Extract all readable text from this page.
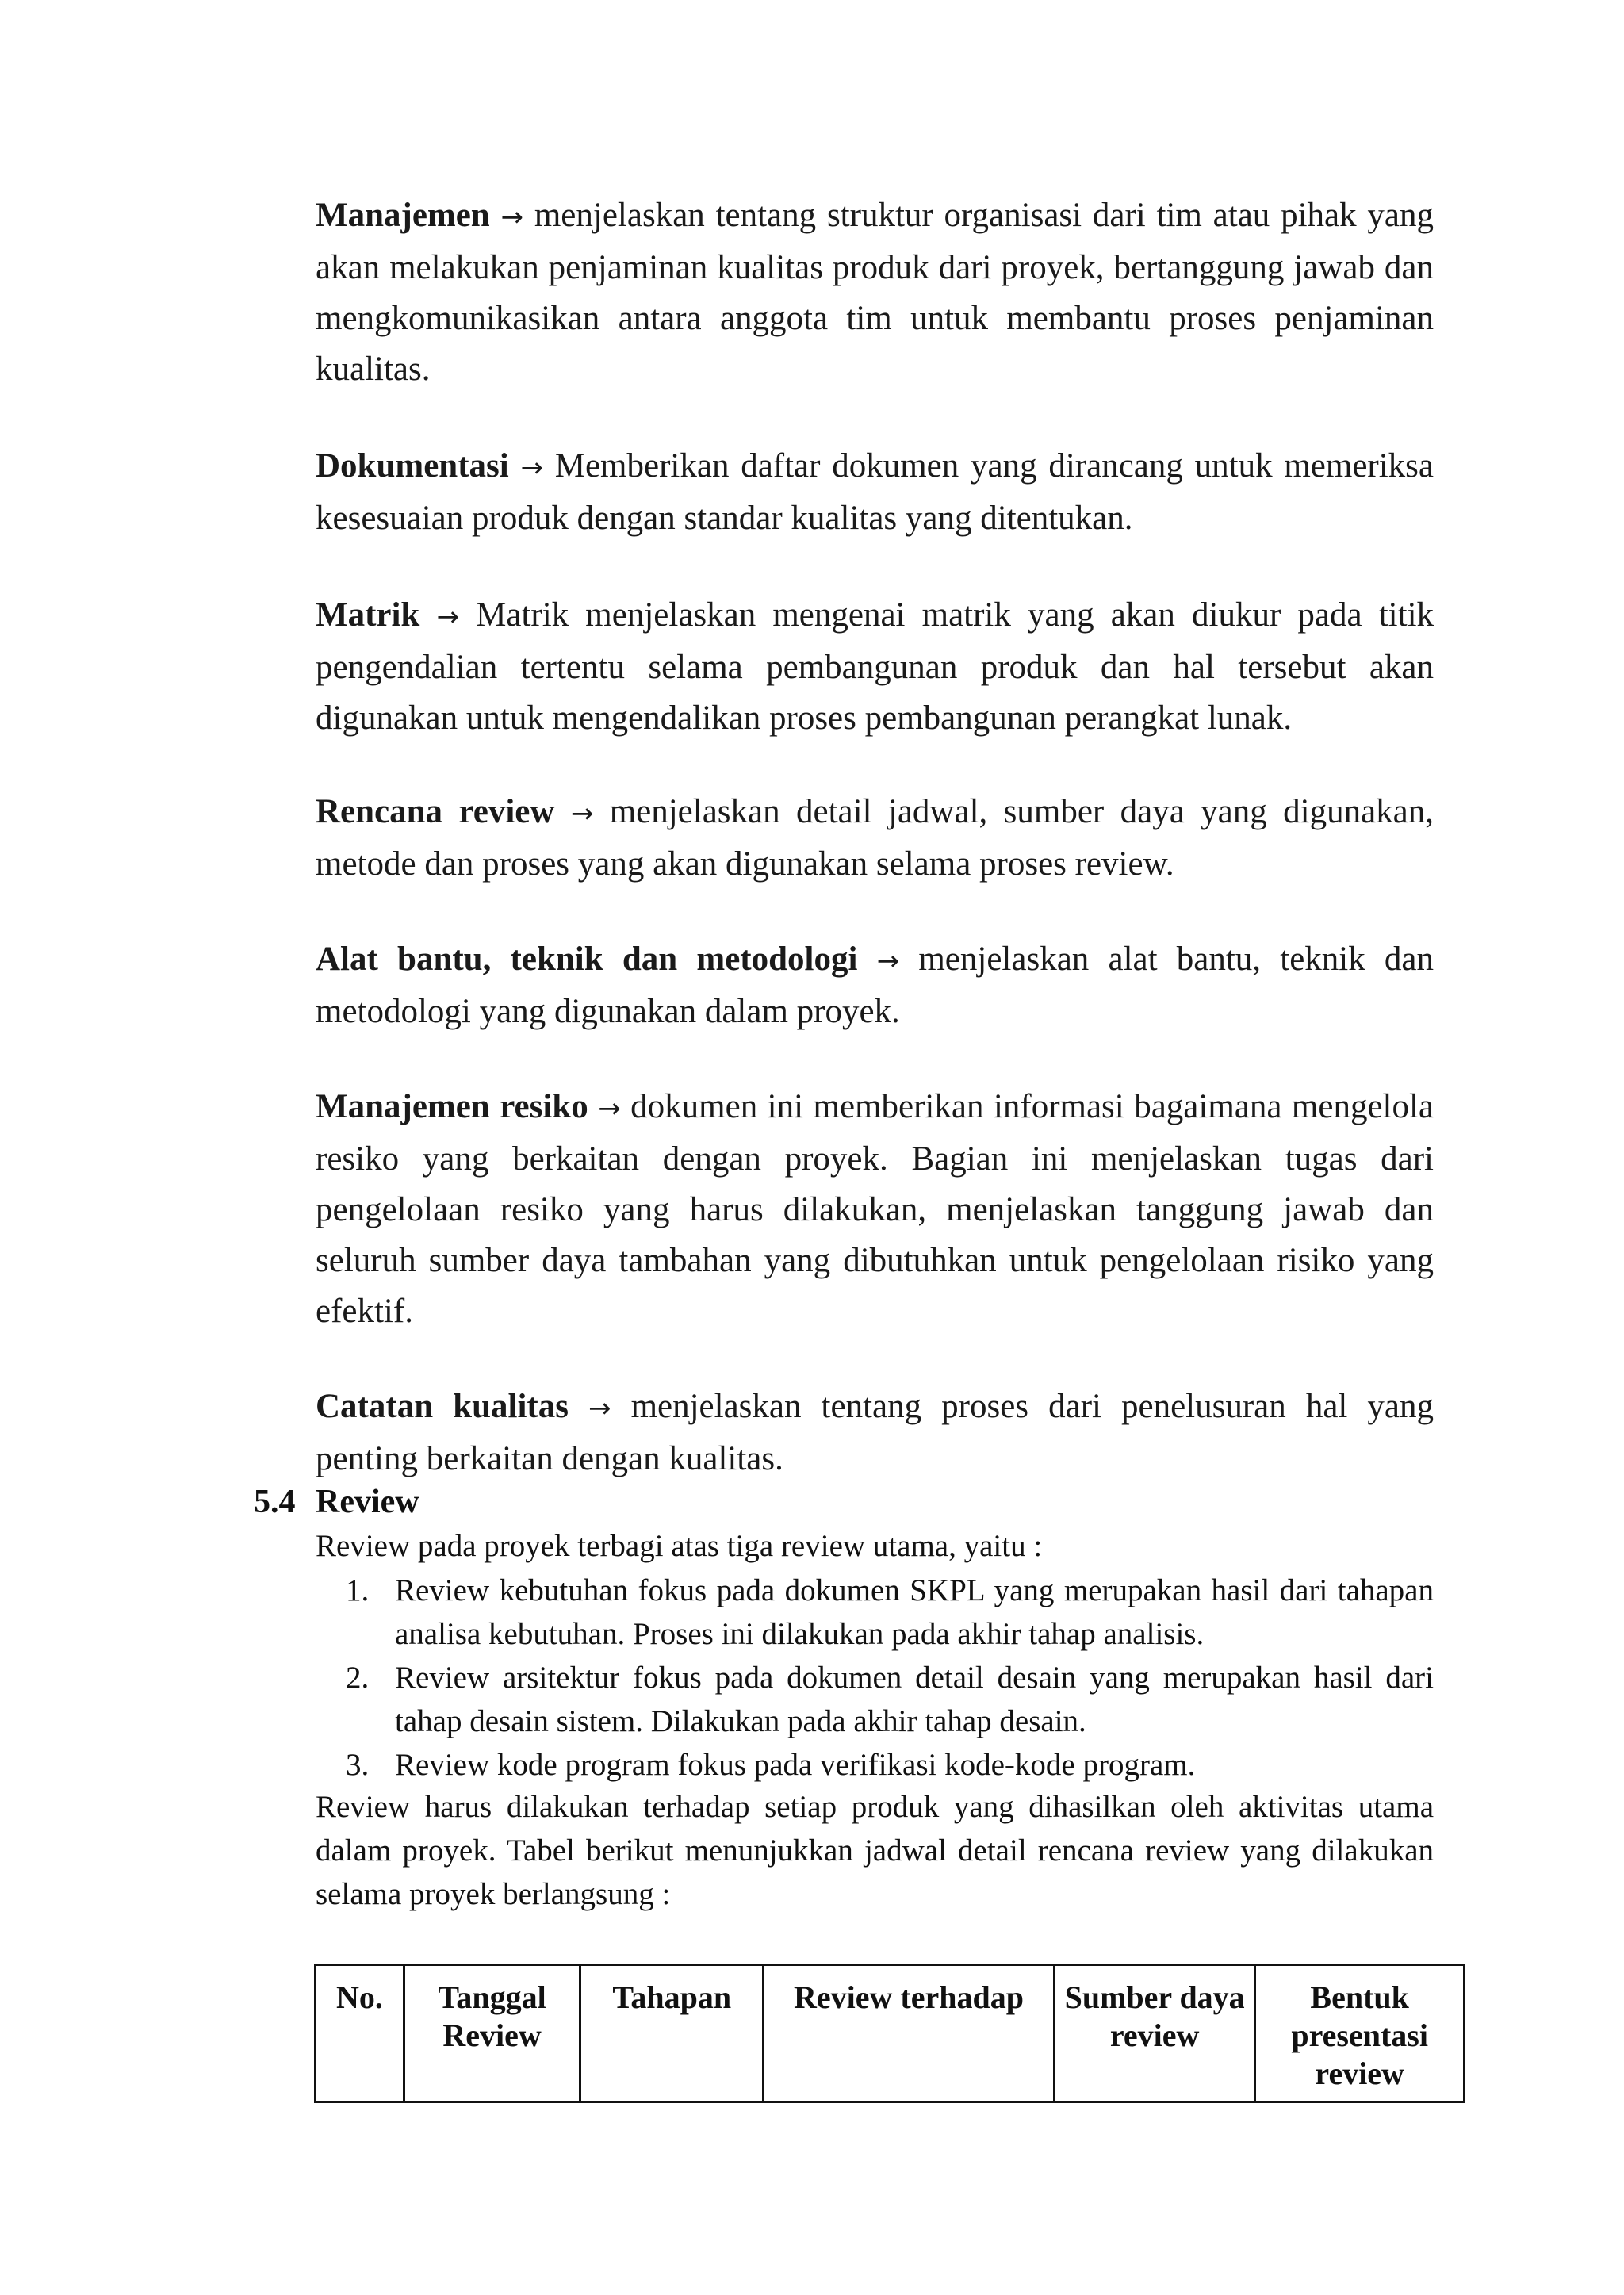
Manajemen → menjelaskan tentang struktur organisasi dari tim atau pihak yang akan melakukan penjaminan kualitas produk dari proyek, bertanggung jawab dan mengkomunikasikan antara anggota tim untuk membantu proses penjaminan kualitas.
Dokumentasi → Memberikan daftar dokumen yang dirancang untuk memeriksa kesesuaian produk dengan standar kualitas yang ditentukan.
Matrik → Matrik menjelaskan mengenai matrik yang akan diukur pada titik pengendalian tertentu selama pembangunan produk dan hal tersebut akan digunakan untuk mengendalikan proses pembangunan perangkat lunak.
Rencana review → menjelaskan detail jadwal, sumber daya yang digunakan, metode dan proses yang akan digunakan selama proses review.
Alat bantu, teknik dan metodologi → menjelaskan alat bantu, teknik dan metodologi yang digunakan dalam proyek.
Manajemen resiko → dokumen ini memberikan informasi bagaimana mengelola resiko yang berkaitan dengan proyek. Bagian ini menjelaskan tugas dari pengelolaan resiko yang harus dilakukan, menjelaskan tanggung jawab dan seluruh sumber daya tambahan yang dibutuhkan untuk pengelolaan risiko yang efektif.
Catatan kualitas → menjelaskan tentang proses dari penelusuran hal yang penting berkaitan dengan kualitas.
5.4 Review
Review pada proyek terbagi atas tiga review utama, yaitu :
1. Review kebutuhan fokus pada dokumen SKPL yang merupakan hasil dari tahapan analisa kebutuhan. Proses ini dilakukan pada akhir tahap analisis.
2. Review arsitektur fokus pada dokumen detail desain yang merupakan hasil dari tahap desain sistem. Dilakukan pada akhir tahap desain.
3. Review kode program fokus pada verifikasi kode-kode program.
Review harus dilakukan terhadap setiap produk yang dihasilkan oleh aktivitas utama dalam proyek. Tabel berikut menunjukkan jadwal detail rencana review yang dilakukan selama proyek berlangsung :
No.	Tanggal Review	Tahapan	Review terhadap	Sumber daya review	Bentuk presentasi review
